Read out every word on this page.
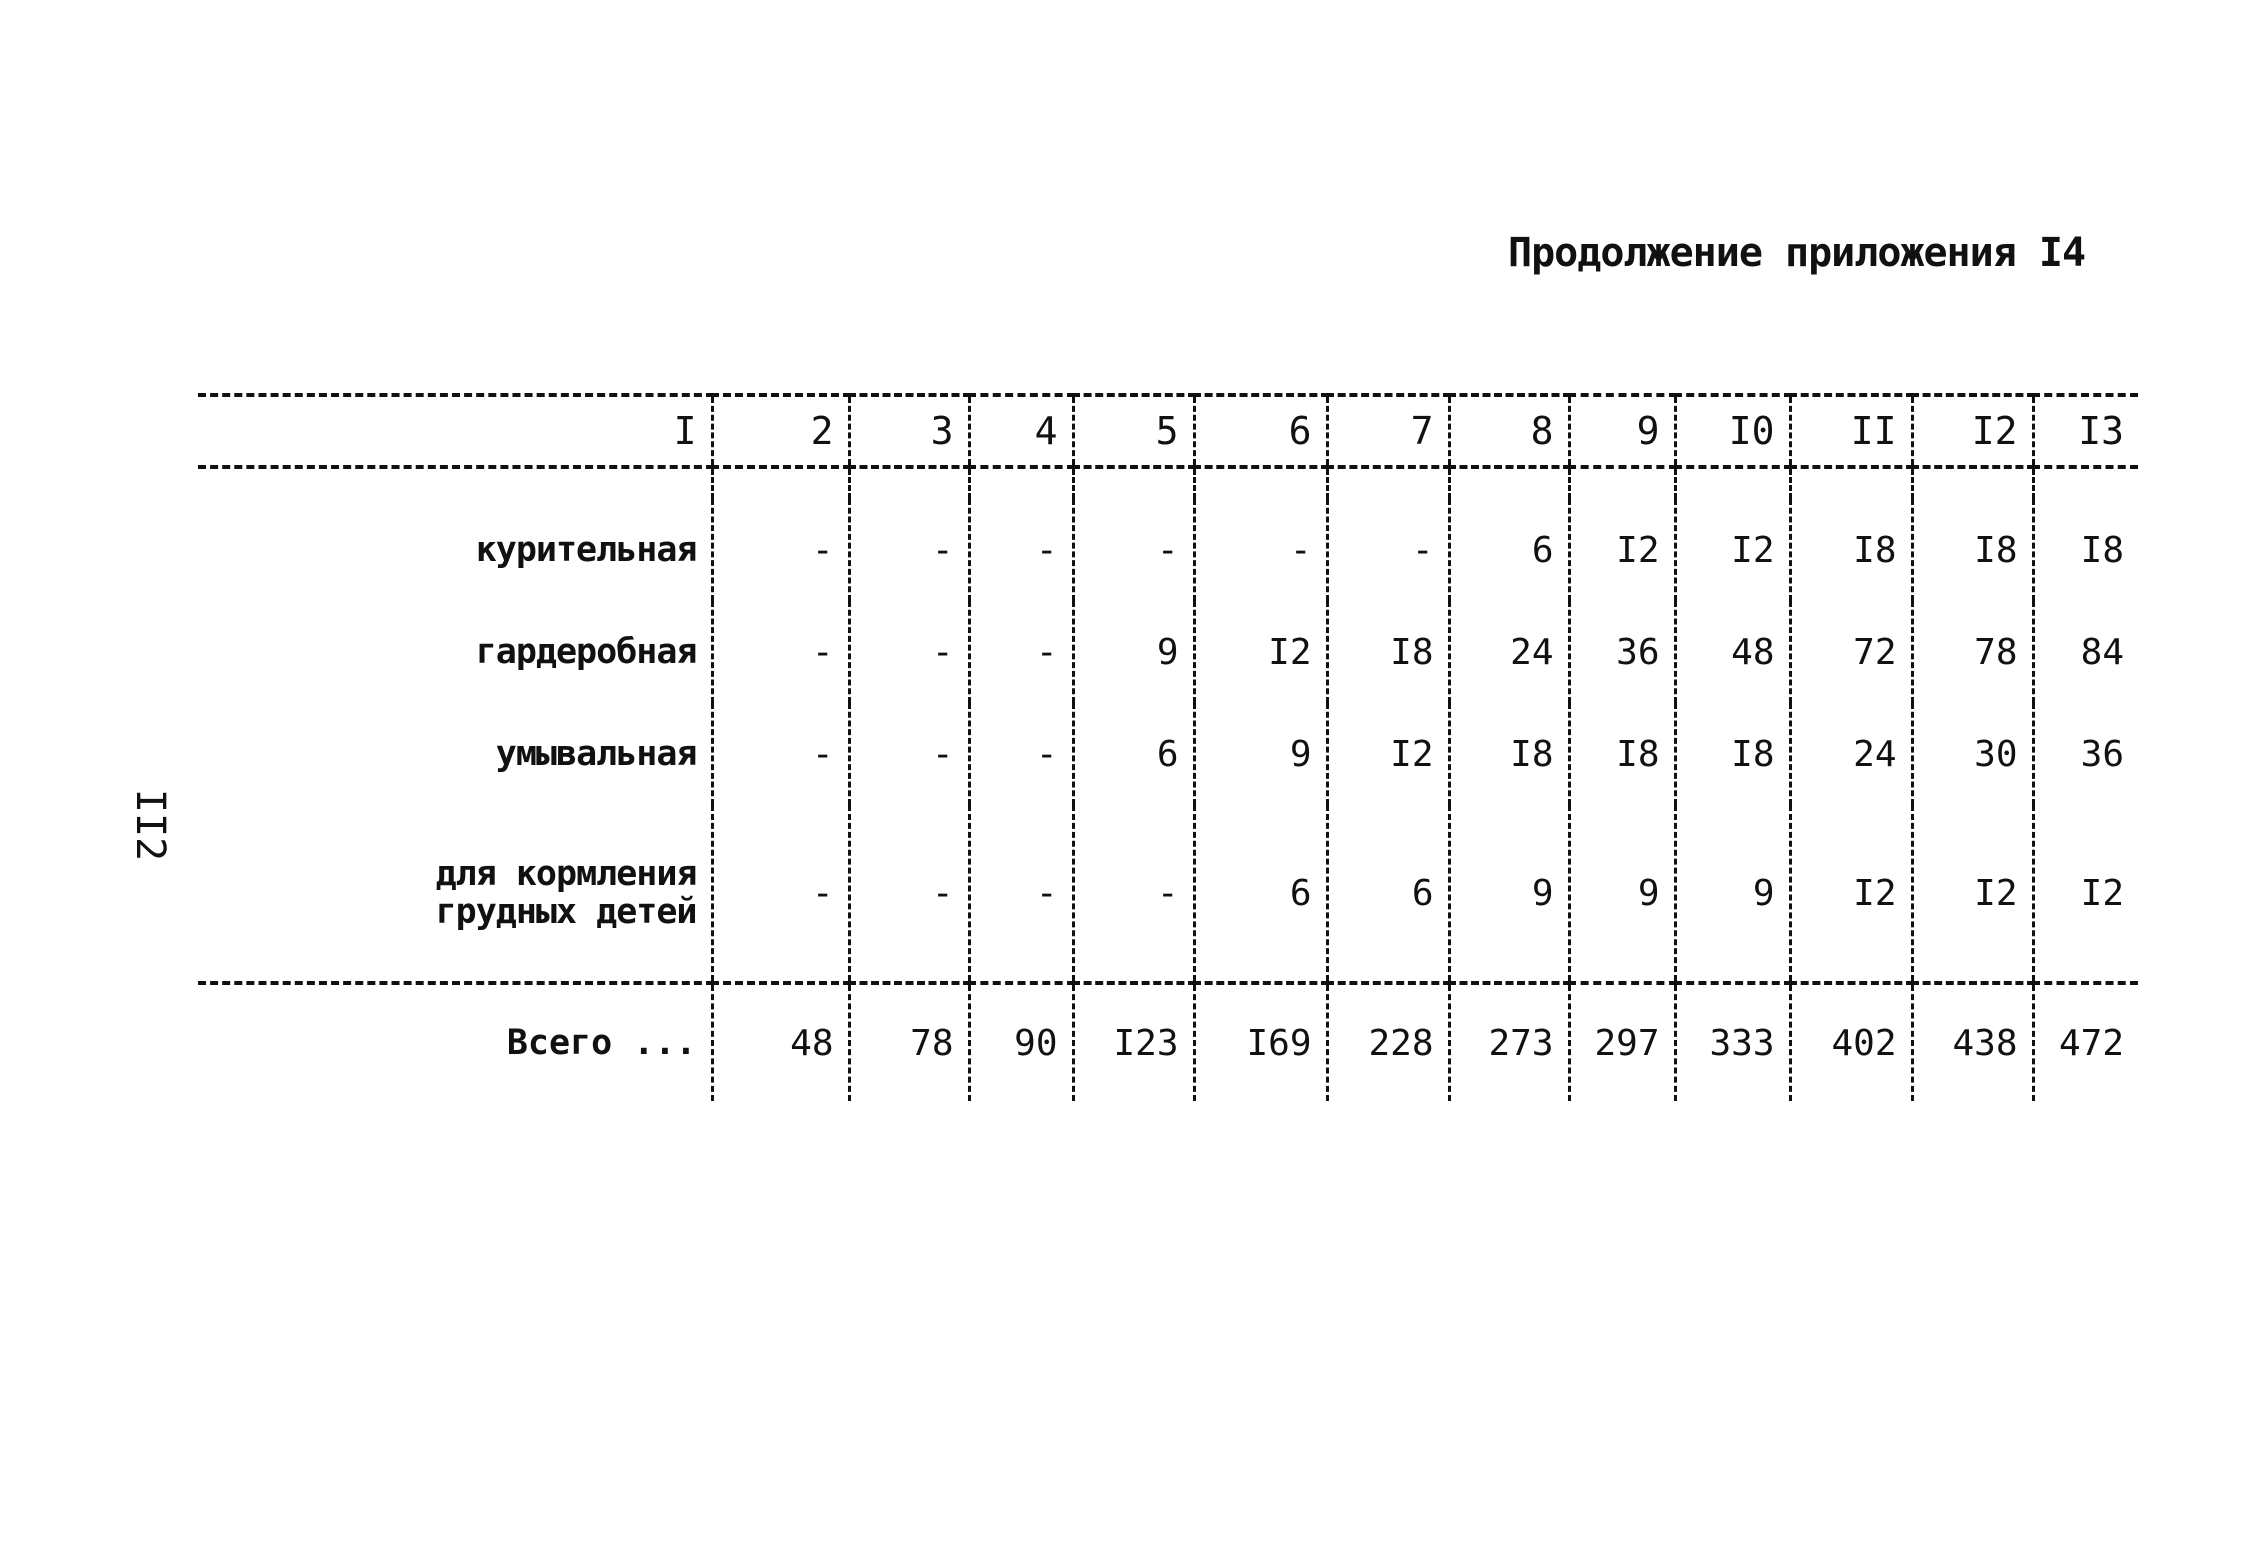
Продолжение приложения I4
II2
I	2	3	4	5	6	7	8	9	I0	II	I2	I3

курительная	-	-	-	-	-	-	6	I2	I2	I8	I8	I8
гардеробная	-	-	-	9	I2	I8	24	36	48	72	78	84
умывальная	-	-	-	6	9	I2	I8	I8	I8	24	30	36
для кормления
грудных детей	-	-	-	-	6	6	9	9	9	I2	I2	I2
Всего ...	48	78	90	I23	I69	228	273	297	333	402	438	472
